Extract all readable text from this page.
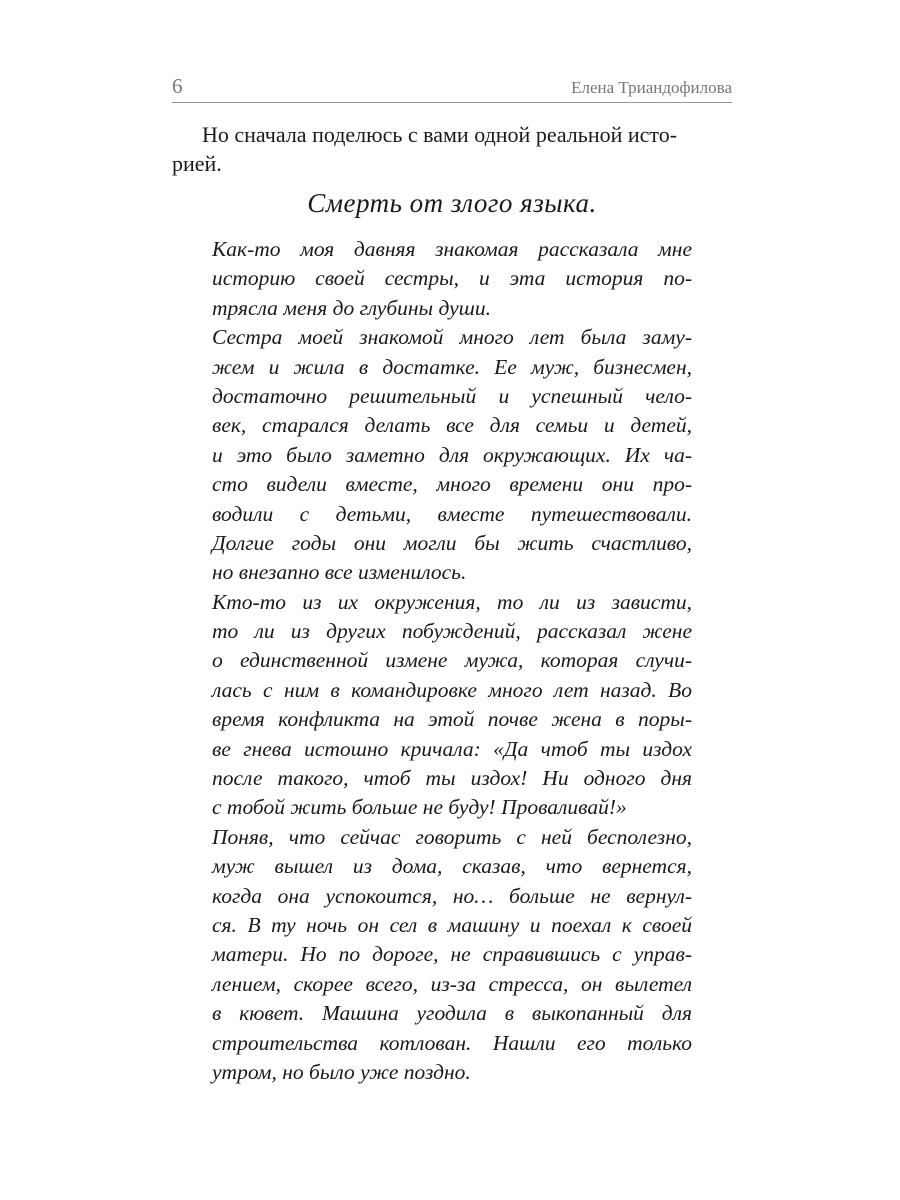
6	Елена Триандофилова

Но сначала поделюсь с вами одной реальной исто-
рией.

Смерть от злого языка.
Как-то моя давняя знакомая рассказала мне
историю своей сестры, и эта история по-
трясла меня до глубины души.
Сестра моей знакомой много лет была заму-
жем и жила в достатке. Ее муж, бизнесмен,
достаточно решительный и успешный чело-
век, старался делать все для семьи и детей,
и это было заметно для окружающих. Их ча-
сто видели вместе, много времени они про-
водили с детьми, вместе путешествовали.
Долгие годы они могли бы жить счастливо,
но внезапно все изменилось.
Кто-то из их окружения, то ли из зависти,
то ли из других побуждений, рассказал жене
о единственной измене мужа, которая случи-
лась с ним в командировке много лет назад. Во
время конфликта на этой почве жена в поры-
ве гнева истошно кричала: «Да чтоб ты издох
после такого, чтоб ты издох! Ни одного дня
с тобой жить больше не буду! Проваливай!»
Поняв, что сейчас говорить с ней бесполезно,
муж вышел из дома, сказав, что вернется,
когда она успокоится, но… больше не вернул-
ся. В ту ночь он сел в машину и поехал к своей
матери. Но по дороге, не справившись с управ-
лением, скорее всего, из-за стресса, он вылетел
в кювет. Машина угодила в выкопанный для
строительства котлован. Нашли его только
утром, но было уже поздно.
